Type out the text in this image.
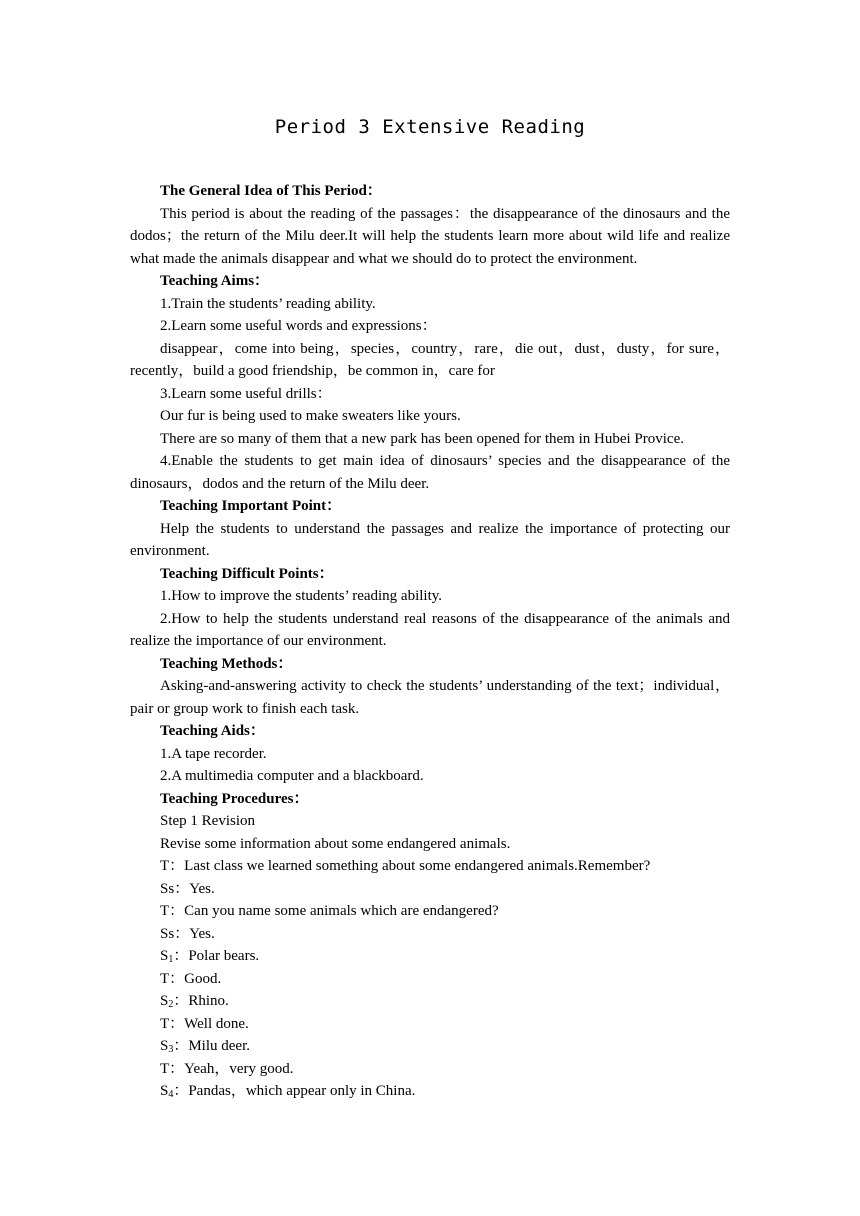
Period 3 Extensive Reading

The General Idea of This Period：

This period is about the reading of the passages：the disappearance of the dinosaurs and the dodos；the return of the Milu deer.It will help the students learn more about wild life and realize what made the animals disappear and what we should do to protect the environment.

Teaching Aims：

1.Train the students’ reading ability.

2.Learn some useful words and expressions：

disappear，come into being，species，country，rare，die out，dust，dusty，for sure，recently，build a good friendship，be common in，care for

3.Learn some useful drills：

Our fur is being used to make sweaters like yours.

There are so many of them that a new park has been opened for them in Hubei Provice.

4.Enable the students to get main idea of dinosaurs’ species and the disappearance of the dinosaurs，dodos and the return of the Milu deer.

Teaching Important Point：

Help the students to understand the passages and realize the importance of protecting our environment.

Teaching Difficult Points：

1.How to improve the students’ reading ability.

2.How to help the students understand real reasons of the disappearance of the animals and realize the importance of our environment.

Teaching Methods：

Asking-and-answering activity to check the students’ understanding of the text；individual，pair or group work to finish each task.

Teaching Aids：

1.A tape recorder.

2.A multimedia computer and a blackboard.

Teaching Procedures：

Step 1 Revision

Revise some information about some endangered animals.

T：Last class we learned something about some endangered animals.Remember?

Ss：Yes.

T：Can you name some animals which are endangered?

Ss：Yes.

$S_1$：Polar bears.

T：Good.

$S_2$：Rhino.

T：Well done.

$S_3$：Milu deer.

T：Yeah，very good.

$S_4$：Pandas，which appear only in China.
